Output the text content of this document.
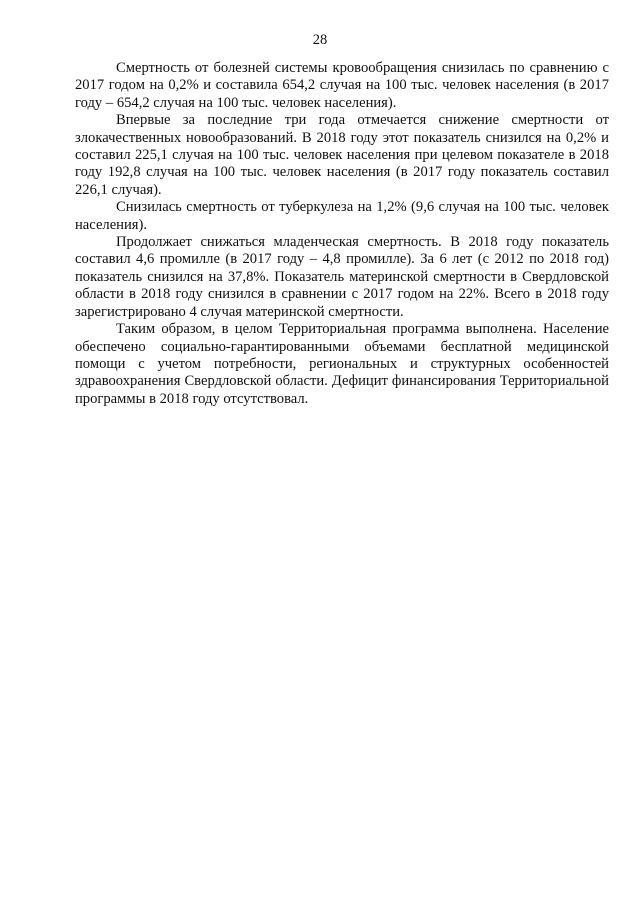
28

Смертность от болезней системы кровообращения снизилась по сравнению с 2017 годом на 0,2% и составила 654,2 случая на 100 тыс. человек населения (в 2017 году – 654,2 случая на 100 тыс. человек населения).

Впервые за последние три года отмечается снижение смертности от злокачественных новообразований. В 2018 году этот показатель снизился на 0,2% и составил 225,1 случая на 100 тыс. человек населения при целевом показателе в 2018 году 192,8 случая на 100 тыс. человек населения (в 2017 году показатель составил 226,1 случая).

Снизилась смертность от туберкулеза на 1,2% (9,6 случая на 100 тыс. человек населения).

Продолжает снижаться младенческая смертность. В 2018 году показатель составил 4,6 промилле (в 2017 году – 4,8 промилле). За 6 лет (с 2012 по 2018 год) показатель снизился на 37,8%. Показатель материнской смертности в Свердловской области в 2018 году снизился в сравнении с 2017 годом на 22%. Всего в 2018 году зарегистрировано 4 случая материнской смертности.

Таким образом, в целом Территориальная программа выполнена. Население обеспечено социально-гарантированными объемами бесплатной медицинской помощи с учетом потребности, региональных и структурных особенностей здравоохранения Свердловской области. Дефицит финансирования Территориальной программы в 2018 году отсутствовал.
